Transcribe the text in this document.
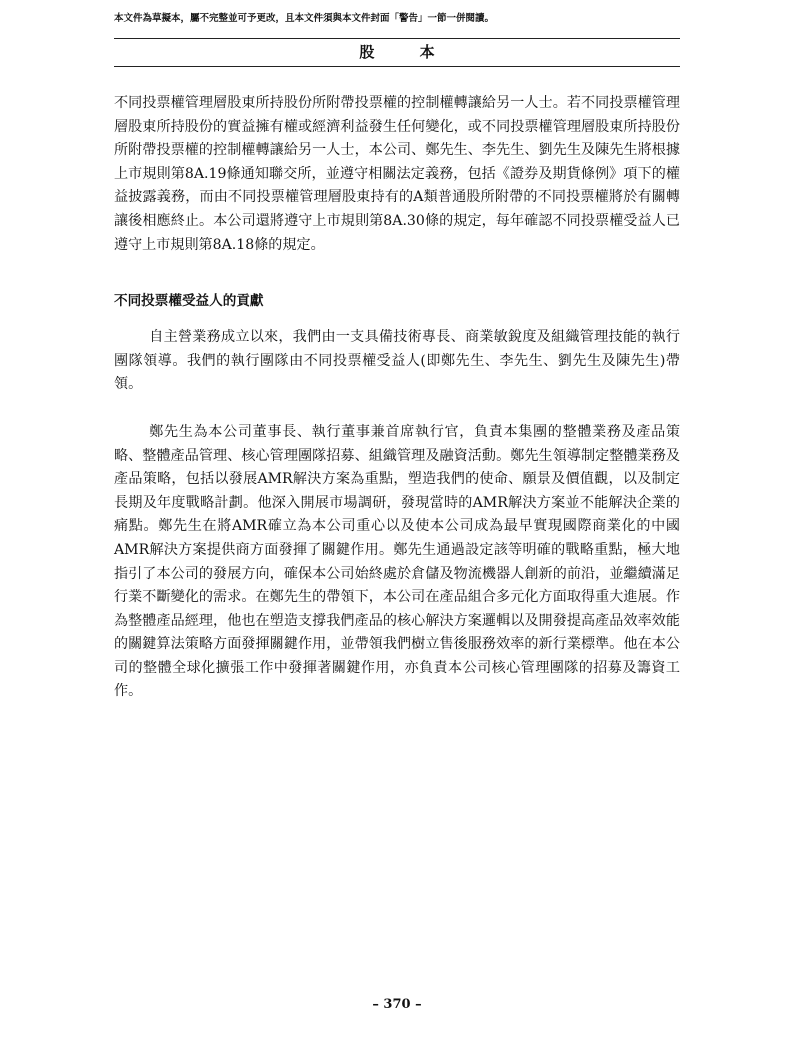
本文件為草擬本，屬不完整並可予更改，且本文件須與本文件封面「警告」一節一併閱讀。
股 本

不同投票權管理層股東所持股份所附帶投票權的控制權轉讓給另一人士。若不同投票權管理層股東所持股份的實益擁有權或經濟利益發生任何變化，或不同投票權管理層股東所持股份所附帶投票權的控制權轉讓給另一人士，本公司、鄭先生、李先生、劉先生及陳先生將根據上市規則第8A.19條通知聯交所，並遵守相關法定義務，包括《證券及期貨條例》項下的權益披露義務，而由不同投票權管理層股東持有的A類普通股所附帶的不同投票權將於有關轉讓後相應終止。本公司還將遵守上市規則第8A.30條的規定，每年確認不同投票權受益人已遵守上市規則第8A.18條的規定。

不同投票權受益人的貢獻

自主營業務成立以來，我們由一支具備技術專長、商業敏銳度及組織管理技能的執行團隊領導。我們的執行團隊由不同投票權受益人(即鄭先生、李先生、劉先生及陳先生)帶領。

鄭先生為本公司董事長、執行董事兼首席執行官，負責本集團的整體業務及產品策略、整體產品管理、核心管理團隊招募、組織管理及融資活動。鄭先生領導制定整體業務及產品策略，包括以發展AMR解決方案為重點，塑造我們的使命、願景及價值觀，以及制定長期及年度戰略計劃。他深入開展市場調研，發現當時的AMR解決方案並不能解決企業的痛點。鄭先生在將AMR確立為本公司重心以及使本公司成為最早實現國際商業化的中國AMR解決方案提供商方面發揮了關鍵作用。鄭先生通過設定該等明確的戰略重點，極大地指引了本公司的發展方向，確保本公司始終處於倉儲及物流機器人創新的前沿，並繼續滿足行業不斷變化的需求。在鄭先生的帶領下，本公司在產品組合多元化方面取得重大進展。作為整體產品經理，他也在塑造支撐我們產品的核心解決方案邏輯以及開發提高產品效率效能的關鍵算法策略方面發揮關鍵作用，並帶領我們樹立售後服務效率的新行業標準。他在本公司的整體全球化擴張工作中發揮著關鍵作用，亦負責本公司核心管理團隊的招募及籌資工作。

– 370 –
